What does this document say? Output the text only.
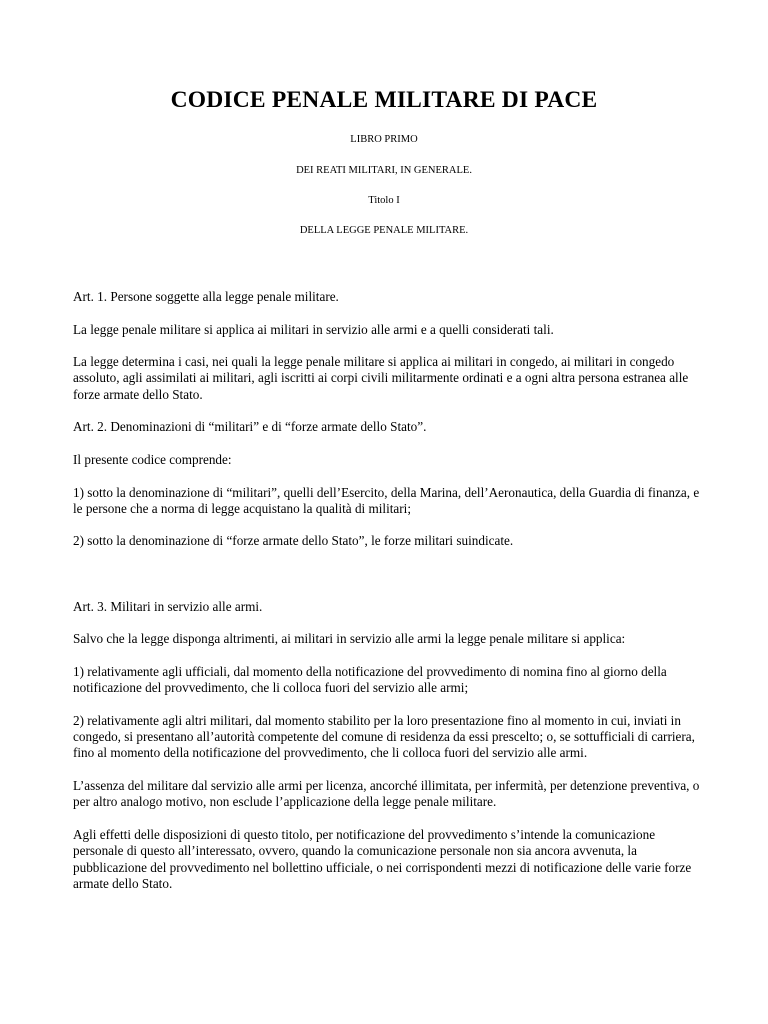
CODICE PENALE MILITARE DI PACE
LIBRO PRIMO
DEI REATI MILITARI, IN GENERALE.
Titolo I
DELLA LEGGE PENALE MILITARE.

Art. 1. Persone soggette alla legge penale militare.

La legge penale militare si applica ai militari in servizio alle armi e a quelli considerati tali.

La legge determina i casi, nei quali la legge penale militare si applica ai militari in congedo, ai militari in congedo assoluto, agli assimilati ai militari, agli iscritti ai corpi civili militarmente ordinati e a ogni altra persona estranea alle forze armate dello Stato.

Art. 2. Denominazioni di “militari” e di “forze armate dello Stato”.

Il presente codice comprende:

1) sotto la denominazione di “militari”, quelli dell’Esercito, della Marina, dell’Aeronautica, della Guardia di finanza, e le persone che a norma di legge acquistano la qualità di militari;

2) sotto la denominazione di “forze armate dello Stato”, le forze militari suindicate.

Art. 3. Militari in servizio alle armi.

Salvo che la legge disponga altrimenti, ai militari in servizio alle armi la legge penale militare si applica:

1) relativamente agli ufficiali, dal momento della notificazione del provvedimento di nomina fino al giorno della notificazione del provvedimento, che li colloca fuori del servizio alle armi;

2) relativamente agli altri militari, dal momento stabilito per la loro presentazione fino al momento in cui, inviati in congedo, si presentano all’autorità competente del comune di residenza da essi prescelto; o, se sottufficiali di carriera, fino al momento della notificazione del provvedimento, che li colloca fuori del servizio alle armi.

L’assenza del militare dal servizio alle armi per licenza, ancorché illimitata, per infermità, per detenzione preventiva, o per altro analogo motivo, non esclude l’applicazione della legge penale militare.

Agli effetti delle disposizioni di questo titolo, per notificazione del provvedimento s’intende la comunicazione personale di questo all’interessato, ovvero, quando la comunicazione personale non sia ancora avvenuta, la pubblicazione del provvedimento nel bollettino ufficiale, o nei corrispondenti mezzi di notificazione delle varie forze armate dello Stato.
